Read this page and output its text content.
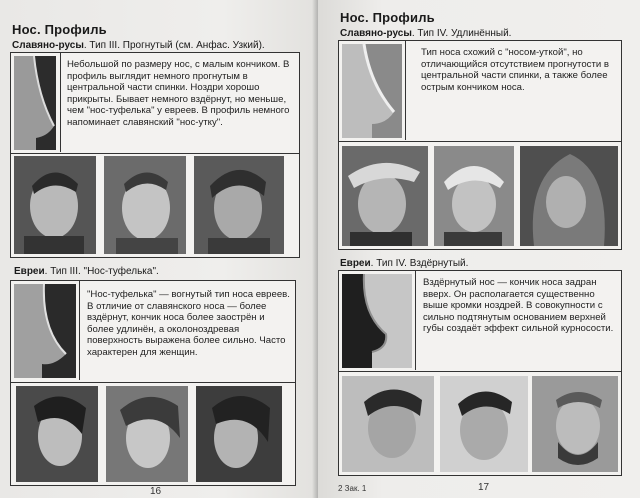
Нос. Профиль
Славяно-русы. Тип III. Прогнутый (см. Анфас. Узкий).
Небольшой по размеру нос, с малым кончиком. В профиль выглядит немного прогнутым в центральной части спинки. Ноздри хорошо прикрыты. Бывает немного вздёрнут, но меньше, чем "нос-туфелька" у евреев. В профиль немного напоминает славянский "нос-утку".
Евреи. Тип III. "Нос-туфелька".
"Нос-туфелька" — вогнутый тип носа евреев. В отличие от славянского носа — более вздёрнут, кончик носа более заострён и более удлинён, а околоноздревая поверхность выражена более сильно. Часто характерен для женщин.
16
Нос. Профиль
Славяно-русы. Тип IV. Удлинённый.
Тип носа схожий с "носом-уткой", но отличающийся отсутствием прогнутости в центральной части спинки, а также более острым кончиком носа.
Евреи. Тип IV. Вздёрнутый.
Вздёрнутый нос — кончик носа задран вверх. Он располагается существенно выше кромки ноздрей. В совокупности с сильно подтянутым основанием верхней губы создаёт эффект сильной курносости.
2 Зак. 1	17
